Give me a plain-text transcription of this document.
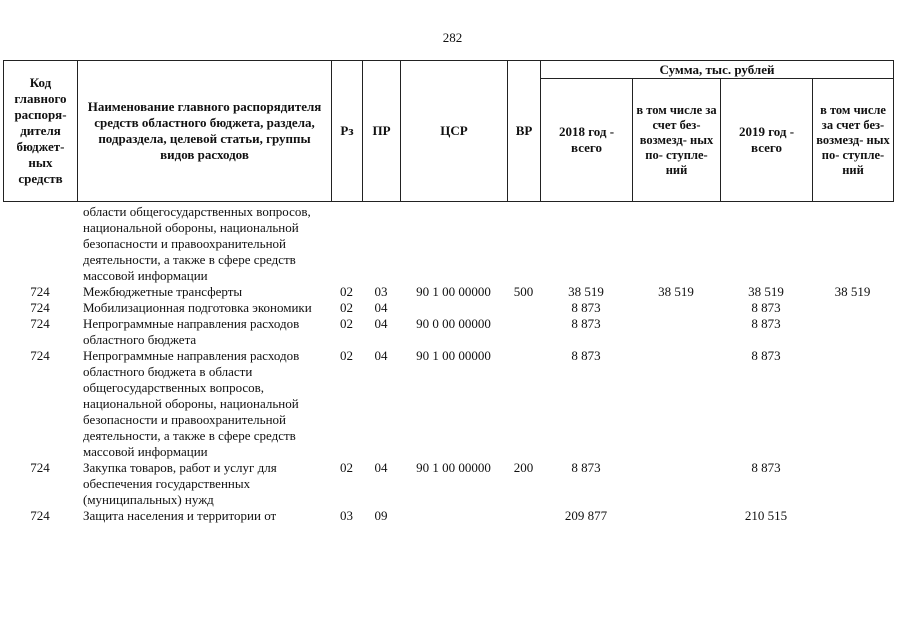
282
Код главного распоря- дителя бюджет- ных средств	Наименование главного распорядителя средств областного бюджета, раздела, подраздела, целевой статьи, группы видов расходов	Рз	ПР	ЦСР	ВР	Сумма, тыс. рублей			
						2018 год - всего	в том числе за счет без- возмезд- ных по- ступле- ний	2019 год - всего	в том числе за счет без- возмезд- ных по- ступле- ний
	области общегосударственных вопросов, национальной обороны, национальной безопасности и правоохранительной деятельности, а также в сфере средств массовой информации								
724	Межбюджетные трансферты	02	03	90 1 00 00000	500	38 519	38 519	38 519	38 519
724	Мобилизационная подготовка экономики	02	04			8 873		8 873	
724	Непрограммные направления расходов областного бюджета	02	04	90 0 00 00000		8 873		8 873	
724	Непрограммные направления расходов областного бюджета в области общегосударственных вопросов, национальной обороны, национальной безопасности и правоохранительной деятельности, а также в сфере средств массовой информации	02	04	90 1 00 00000		8 873		8 873	
724	Закупка товаров, работ и услуг для обеспечения государственных (муниципальных) нужд	02	04	90 1 00 00000	200	8 873		8 873	
724	Защита населения и территории от	03	09			209 877		210 515	
